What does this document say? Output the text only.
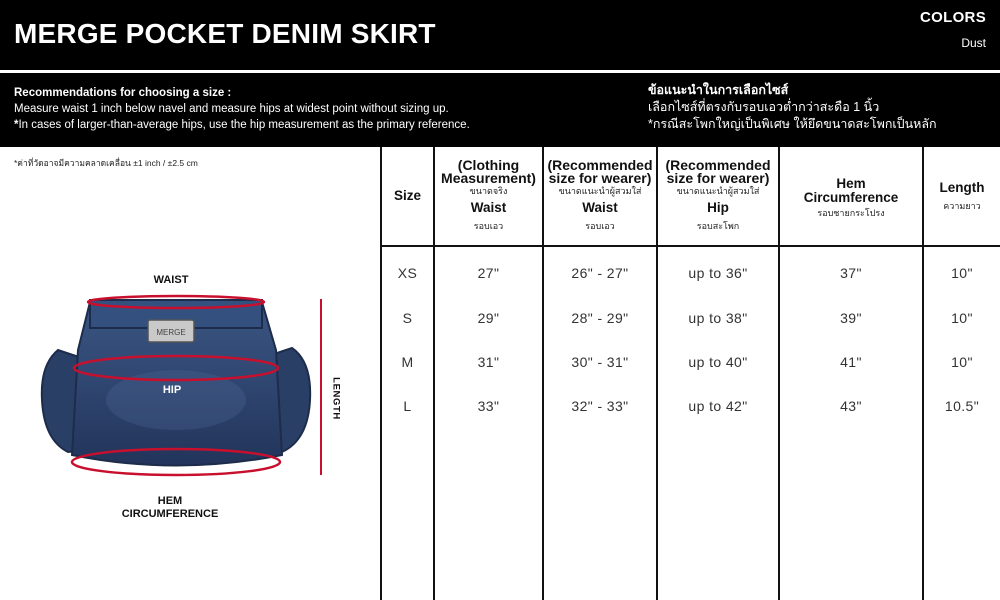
MERGE POCKET DENIM SKIRT
COLORS
Dust
Recommendations for choosing a size :
Measure waist 1 inch below navel and measure hips at widest point without sizing up.
*In cases of larger-than-average hips, use the hip measurement as the primary reference.
ข้อแนะนำในการเลือกไซส์
เลือกไซส์ที่ตรงกับรอบเอวต่ำกว่าสะดือ 1 นิ้ว
*กรณีสะโพกใหญ่เป็นพิเศษ ให้ยึดขนาดสะโพกเป็นหลัก
*ค่าที่วัดอาจมีความคลาดเคลื่อน ±1 inch / ±2.5 cm
WAIST
HEM CIRCUMFERENCE
LENGTH
MERGE
HIP
Size
(Clothing Measurement)
ขนาดจริง
Waist
รอบเอว
(Recommended size for wearer)
ขนาดแนะนำผู้สวมใส่
Waist
รอบเอว
(Recommended size for wearer)
ขนาดแนะนำผู้สวมใส่
Hip
รอบสะโพก
Hem Circumference
รอบชายกระโปรง
Length
ความยาว
XS	27"	26" - 27"	up to 36"	37"	10"
S	29"	28" - 29"	up to 38"	39"	10"
M	31"	30" - 31"	up to 40"	41"	10"
L	33"	32" - 33"	up to 42"	43"	10.5"
